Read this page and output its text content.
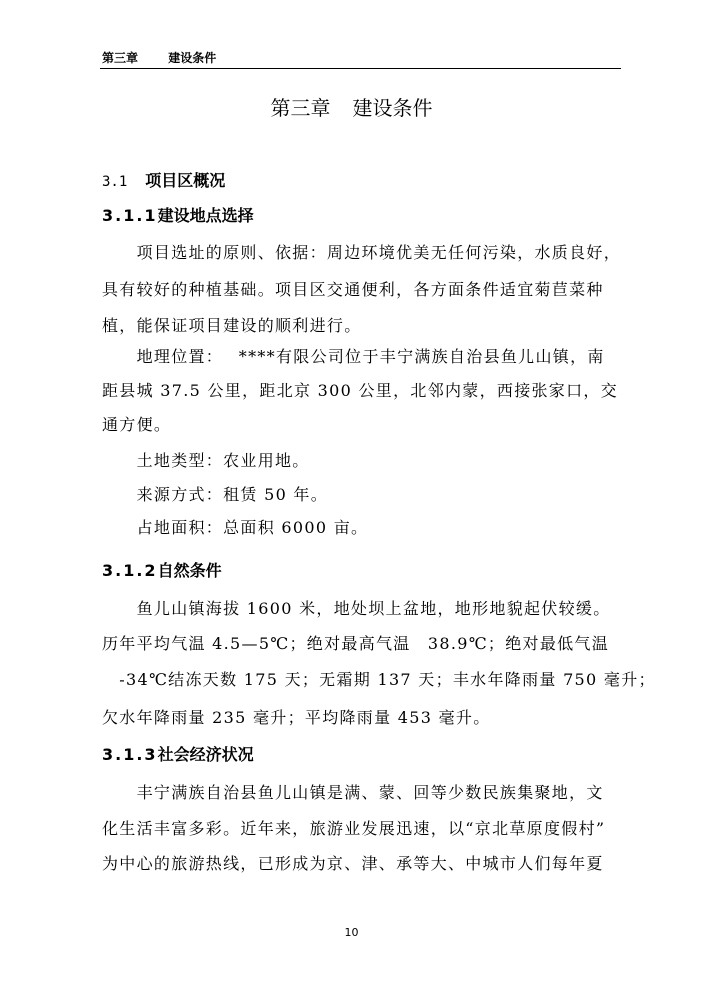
第三章	建设条件
第三章 建设条件
3.1 项目区概况
3.1.1建设地点选择
　　项目选址的原则、依据：周边环境优美无任何污染，水质良好，
具有较好的种植基础。项目区交通便利，各方面条件适宜菊苣菜种
植，能保证项目建设的顺利进行。
　　地理位置：　 ****有限公司位于丰宁满族自治县鱼儿山镇，南
距县城 37.5 公里，距北京 300 公里，北邻内蒙，西接张家口，交
通方便。
　　土地类型：农业用地。
　　来源方式：租赁 50 年。
　　占地面积：总面积 6000 亩。
3.1.2自然条件
　　鱼儿山镇海拔 1600 米，地处坝上盆地，地形地貌起伏较缓。
历年平均气温 4.5—5℃；绝对最高气温　38.9℃；绝对最低气温
　-34℃结冻天数 175 天；无霜期 137 天；丰水年降雨量 750 毫升；
欠水年降雨量 235 毫升；平均降雨量 453 毫升。
3.1.3社会经济状况
　　丰宁满族自治县鱼儿山镇是满、蒙、回等少数民族集聚地，文
化生活丰富多彩。近年来，旅游业发展迅速，以“京北草原度假村”
为中心的旅游热线，已形成为京、津、承等大、中城市人们每年夏
10
